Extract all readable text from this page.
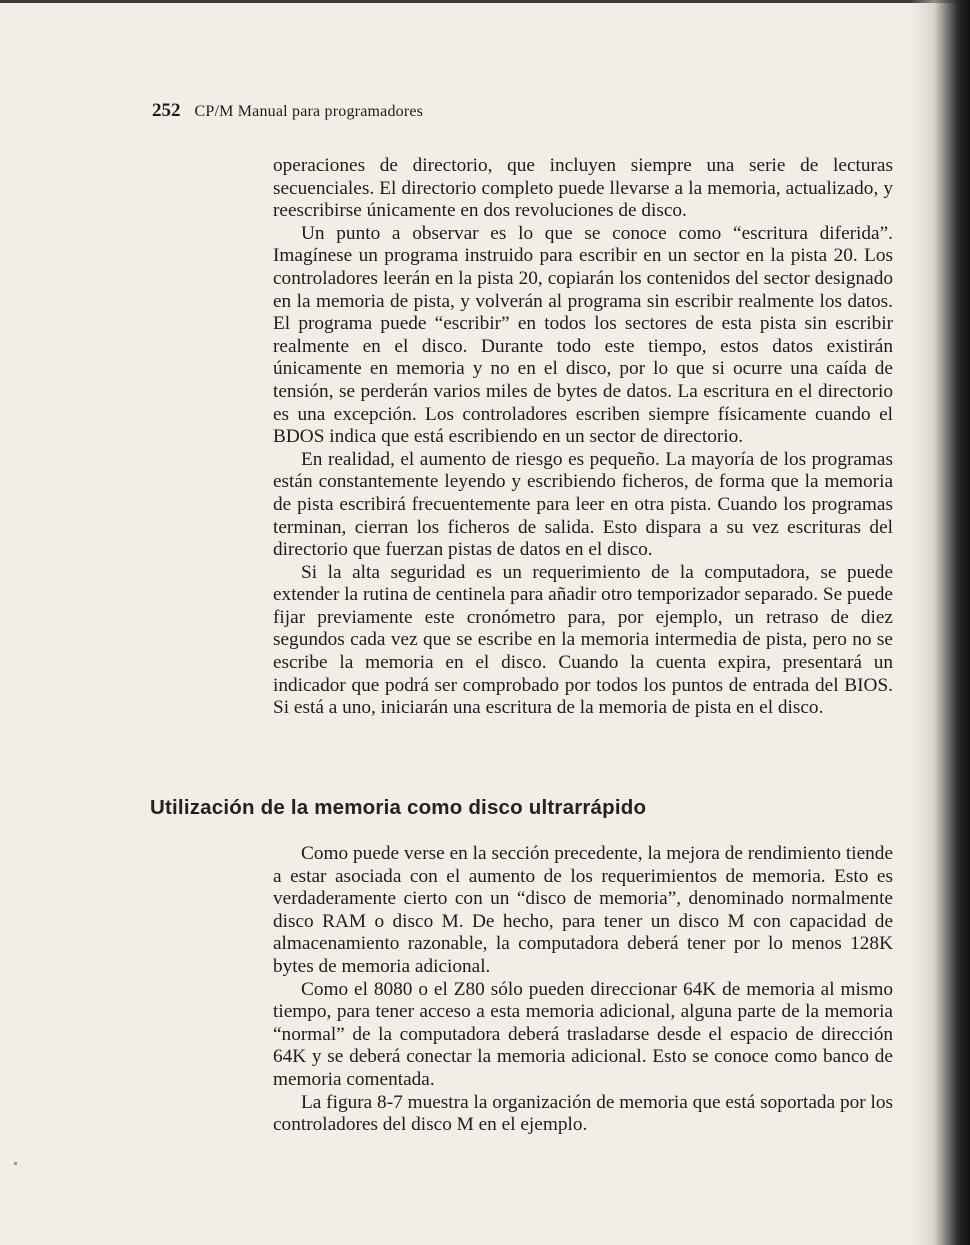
252 CP/M Manual para programadores

operaciones de directorio, que incluyen siempre una serie de lecturas secuenciales. El directorio completo puede llevarse a la memoria, actualizado, y reescribirse únicamente en dos revoluciones de disco.

Un punto a observar es lo que se conoce como “escritura diferida”. Imagínese un programa instruido para escribir en un sector en la pista 20. Los controladores leerán en la pista 20, copiarán los contenidos del sector designado en la memoria de pista, y volverán al programa sin escribir realmente los datos. El programa puede “escribir” en todos los sectores de esta pista sin escribir realmente en el disco. Durante todo este tiempo, estos datos existirán únicamente en memoria y no en el disco, por lo que si ocurre una caída de tensión, se perderán varios miles de bytes de datos. La escritura en el directorio es una excepción. Los controladores escriben siempre físicamente cuando el BDOS indica que está escribiendo en un sector de directorio.

En realidad, el aumento de riesgo es pequeño. La mayoría de los programas están constantemente leyendo y escribiendo ficheros, de forma que la memoria de pista escribirá frecuentemente para leer en otra pista. Cuando los programas terminan, cierran los ficheros de salida. Esto dispara a su vez escrituras del directorio que fuerzan pistas de datos en el disco.

Si la alta seguridad es un requerimiento de la computadora, se puede extender la rutina de centinela para añadir otro temporizador separado. Se puede fijar previamente este cronómetro para, por ejemplo, un retraso de diez segundos cada vez que se escribe en la memoria intermedia de pista, pero no se escribe la memoria en el disco. Cuando la cuenta expira, presentará un indicador que podrá ser comprobado por todos los puntos de entrada del BIOS. Si está a uno, iniciarán una escritura de la memoria de pista en el disco.

Utilización de la memoria como disco ultrarrápido

Como puede verse en la sección precedente, la mejora de rendimiento tiende a estar asociada con el aumento de los requerimientos de memoria. Esto es verdaderamente cierto con un “disco de memoria”, denominado normalmente disco RAM o disco M. De hecho, para tener un disco M con capacidad de almacenamiento razonable, la computadora deberá tener por lo menos 128K bytes de memoria adicional.

Como el 8080 o el Z80 sólo pueden direccionar 64K de memoria al mismo tiempo, para tener acceso a esta memoria adicional, alguna parte de la memoria “normal” de la computadora deberá trasladarse desde el espacio de dirección 64K y se deberá conectar la memoria adicional. Esto se conoce como banco de memoria comentada.

La figura 8-7 muestra la organización de memoria que está soportada por los controladores del disco M en el ejemplo.
